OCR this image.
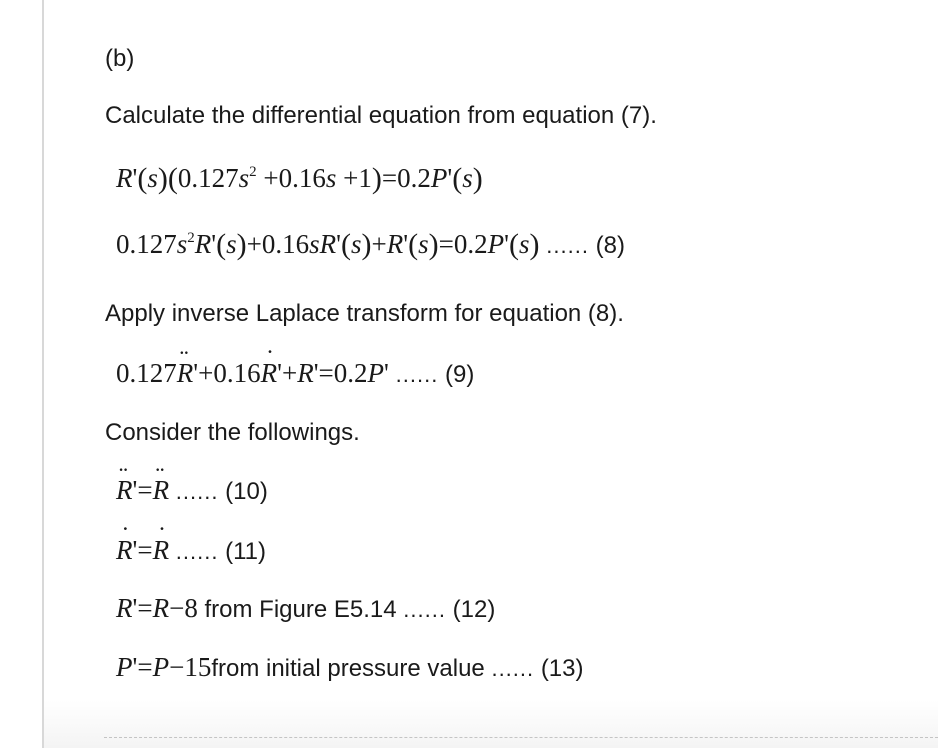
(b)
Calculate the differential equation from equation (7).
$R'(s)(0.127s^2 +0.16s +1)=0.2P'(s)$
$0.127s^2R'(s)+0.16sR'(s)+R'(s)=0.2P'(s)$ ...... (8)
Apply inverse Laplace transform for equation (8).
0.127¨ R'+0.16˙ R'+R'=0.2P' ...... (9)
Consider the followings.
¨ R'=¨ R ...... (10)
˙ R'=˙ R ...... (11)
R'=R−8 from Figure E5.14 ...... (12)
P'=P−15from initial pressure value ...... (13)
